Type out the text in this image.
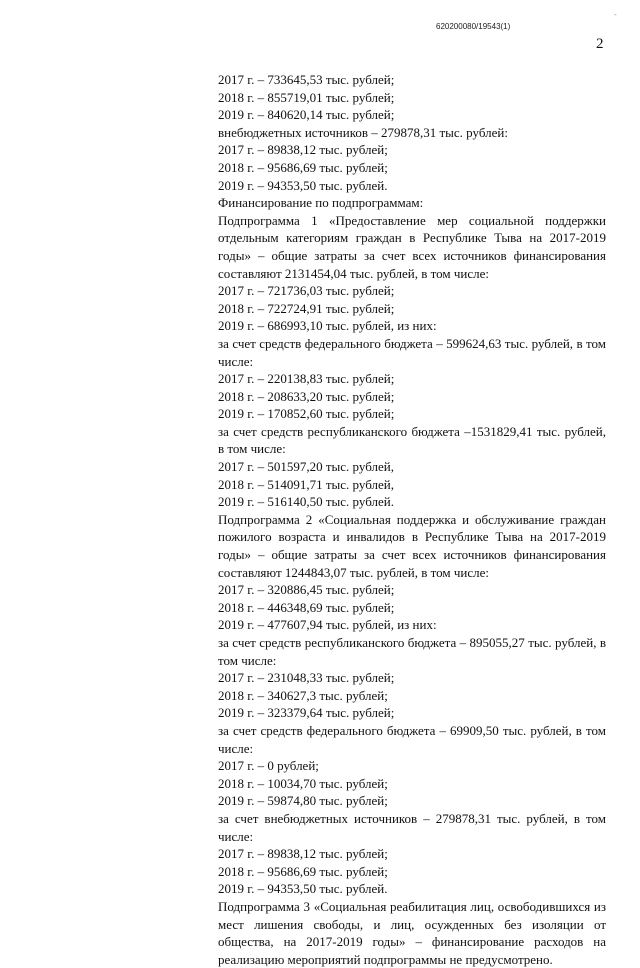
-
620200080/19543(1)
2
2017 г. – 733645,53 тыс. рублей;
2018 г. – 855719,01 тыс. рублей;
2019 г. – 840620,14 тыс. рублей;
внебюджетных источников – 279878,31 тыс. рублей:
2017 г. – 89838,12 тыс. рублей;
2018 г. – 95686,69 тыс. рублей;
2019 г. – 94353,50 тыс. рублей.
Финансирование по подпрограммам:
Подпрограмма 1 «Предоставление мер социальной поддержки отдельным категориям граждан в Республике Тыва на 2017-2019 годы» – общие затраты за счет всех источников финансирования составляют 2131454,04 тыс. рублей, в том числе:
2017 г. – 721736,03 тыс. рублей;
2018 г. – 722724,91 тыс. рублей;
2019 г. – 686993,10 тыс. рублей, из них:
за счет средств федерального бюджета – 599624,63 тыс. рублей, в том числе:
2017 г. – 220138,83 тыс. рублей;
2018 г. – 208633,20 тыс. рублей;
2019 г. – 170852,60 тыс. рублей;
за счет средств республиканского бюджета –1531829,41 тыс. рублей, в том числе:
2017 г. – 501597,20 тыс. рублей,
2018 г. – 514091,71 тыс. рублей,
2019 г. – 516140,50 тыс. рублей.
Подпрограмма 2 «Социальная поддержка и обслуживание граждан пожилого возраста и инвалидов в Республике Тыва на 2017-2019 годы» – общие затраты за счет всех источников финансирования составляют 1244843,07 тыс. рублей, в том числе:
2017 г. – 320886,45 тыс. рублей;
2018 г. – 446348,69 тыс. рублей;
2019 г. – 477607,94 тыс. рублей, из них:
за счет средств республиканского бюджета – 895055,27 тыс. рублей, в том числе:
2017 г. – 231048,33 тыс. рублей;
2018 г. – 340627,3 тыс. рублей;
2019 г. – 323379,64 тыс. рублей;
за счет средств федерального бюджета – 69909,50 тыс. рублей, в том числе:
2017 г. – 0 рублей;
2018 г. – 10034,70 тыс. рублей;
2019 г. – 59874,80 тыс. рублей;
за счет внебюджетных источников – 279878,31 тыс. рублей, в том числе:
2017 г. – 89838,12 тыс. рублей;
2018 г. – 95686,69 тыс. рублей;
2019 г. – 94353,50 тыс. рублей.
Подпрограмма 3 «Социальная реабилитация лиц, освободившихся из мест лишения свободы, и лиц, осужденных без изоляции от общества, на 2017-2019 годы» – финансирование расходов на реализацию мероприятий подпрограммы не предусмотрено.
